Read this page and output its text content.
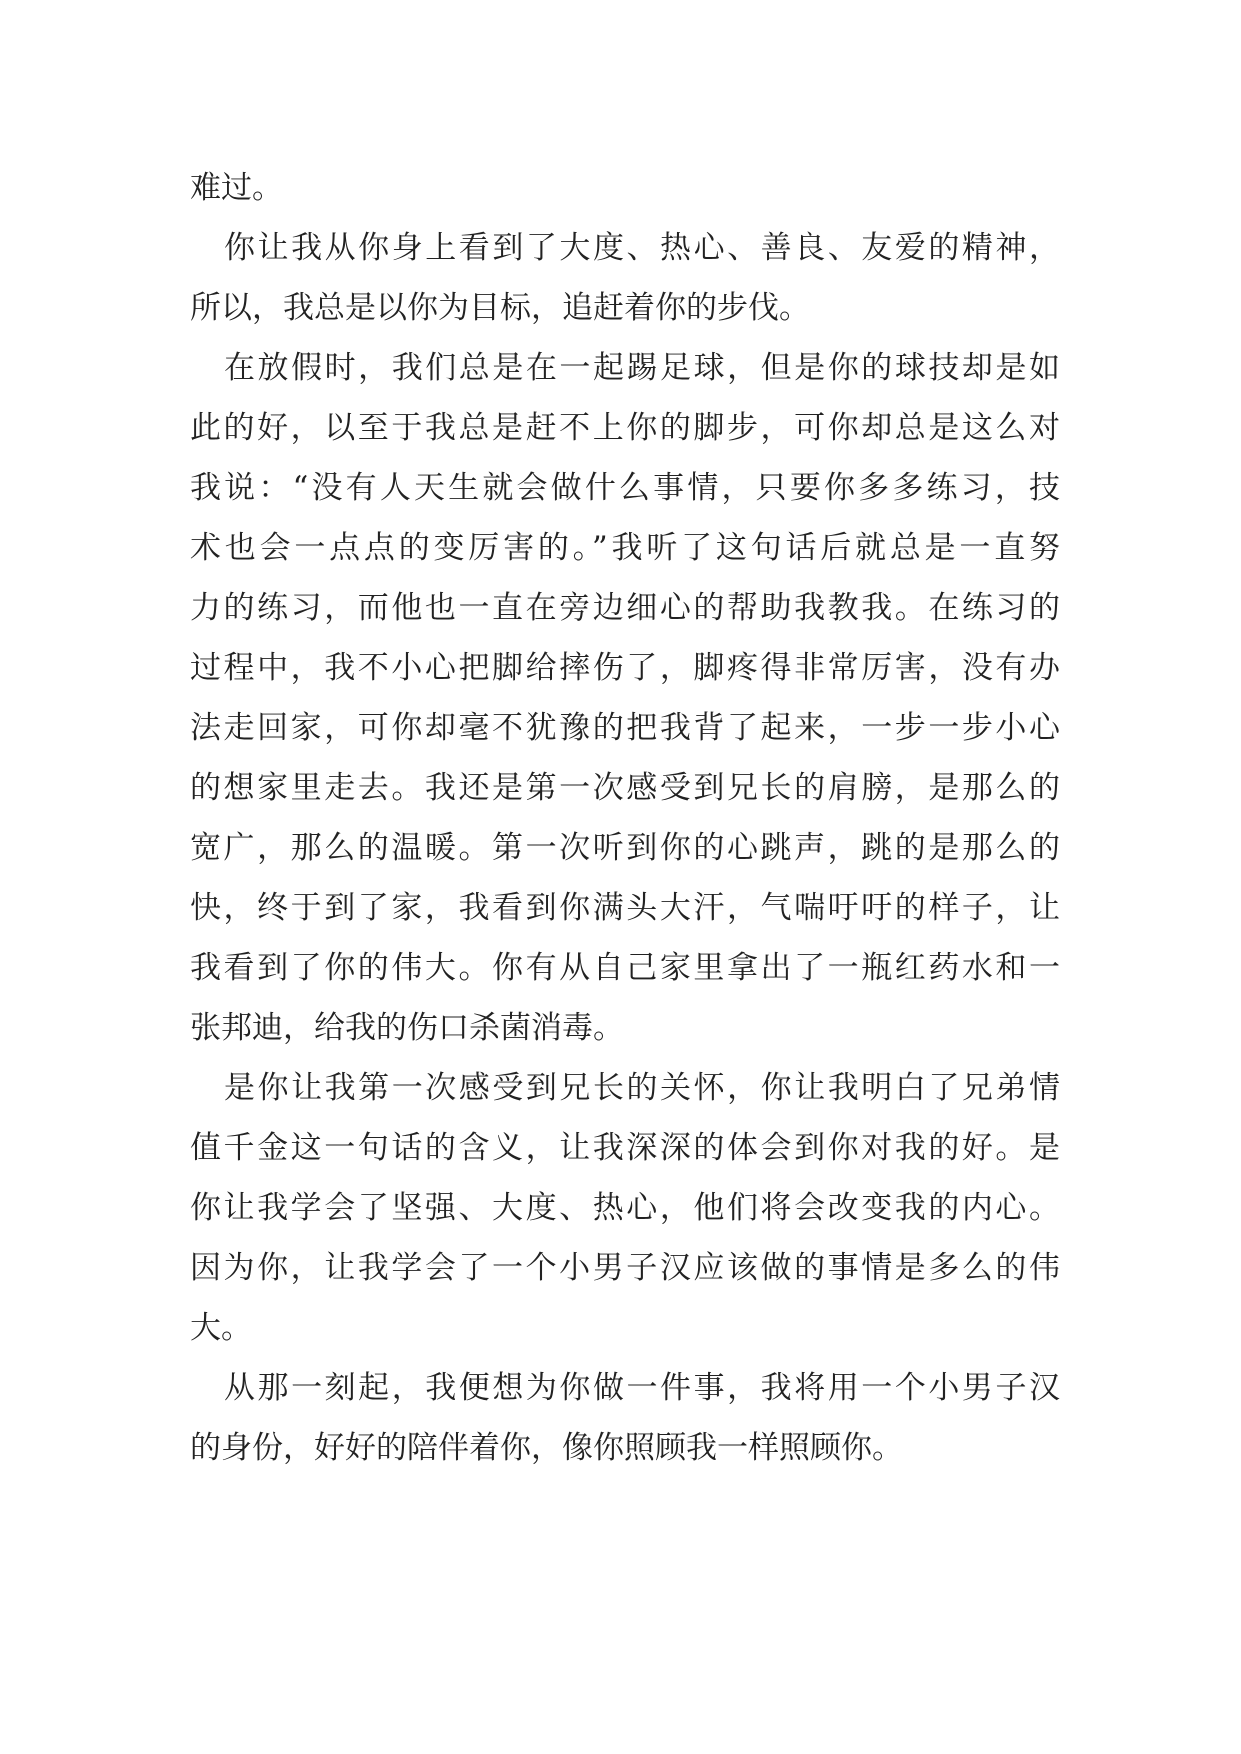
难过。
你让我从你身上看到了大度、热心、善良、友爱的精神，
所以，我总是以你为目标，追赶着你的步伐。
在放假时，我们总是在一起踢足球，但是你的球技却是如
此的好，以至于我总是赶不上你的脚步，可你却总是这么对
我说：“没有人天生就会做什么事情，只要你多多练习，技
术也会一点点的变厉害的。”我听了这句话后就总是一直努
力的练习，而他也一直在旁边细心的帮助我教我。在练习的
过程中，我不小心把脚给摔伤了，脚疼得非常厉害，没有办
法走回家，可你却毫不犹豫的把我背了起来，一步一步小心
的想家里走去。我还是第一次感受到兄长的肩膀，是那么的
宽广，那么的温暖。第一次听到你的心跳声，跳的是那么的
快，终于到了家，我看到你满头大汗，气喘吁吁的样子，让
我看到了你的伟大。你有从自己家里拿出了一瓶红药水和一
张邦迪，给我的伤口杀菌消毒。
是你让我第一次感受到兄长的关怀，你让我明白了兄弟情
值千金这一句话的含义，让我深深的体会到你对我的好。是
你让我学会了坚强、大度、热心，他们将会改变我的内心。
因为你，让我学会了一个小男子汉应该做的事情是多么的伟
大。
从那一刻起，我便想为你做一件事，我将用一个小男子汉
的身份，好好的陪伴着你，像你照顾我一样照顾你。
